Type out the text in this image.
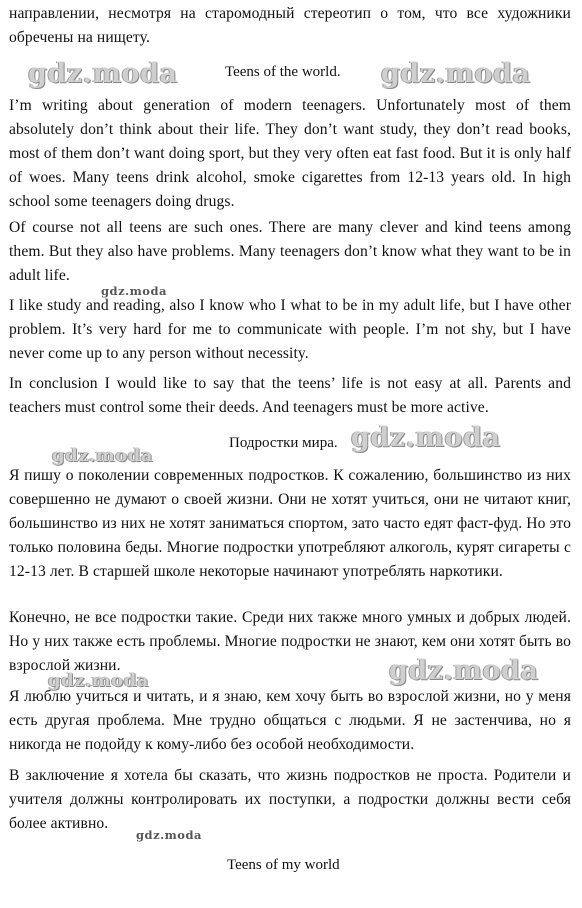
направлении, несмотря на старомодный стереотип о том, что все художники обречены на нищету.

gdz.moda	Teens of the world. gdz.moda

I’m writing about generation of modern teenagers. Unfortunately most of them absolutely don’t think about their life. They don’t want study, they don’t read books, most of them don’t want doing sport, but they very often eat fast food. But it is only half of woes. Many teens drink alcohol, smoke cigarettes from 12-13 years old. In high school some teenagers doing drugs.

Of course not all teens are such ones. There are many clever and kind teens among them. But they also have problems. Many teenagers don’t know what they want to be in adult life.

gdz.moda

I like study and reading, also I know who I what to be in my adult life, but I have other problem. It’s very hard for me to communicate with people. I’m not shy, but I have never come up to any person without necessity.

In conclusion I would like to say that the teens’ life is not easy at all. Parents and teachers must control some their deeds. And teenagers must be more active.

Подростки мира. gdz.moda
gdz.moda

Я пишу о поколении современных подростков. К сожалению, большинство из них совершенно не думают о своей жизни. Они не хотят учиться, они не читают книг, большинство из них не хотят заниматься спортом, зато часто едят фаст-фуд. Но это только половина беды. Многие подростки употребляют алкоголь, курят сигареты с 12-13 лет. В старшей школе некоторые начинают употреблять наркотики.

Конечно, не все подростки такие. Среди них также много умных и добрых людей. Но у них также есть проблемы. Многие подростки не знают, кем они хотят быть во взрослой жизни.	gdz.moda
gdz.moda

Я люблю учиться и читать, и я знаю, кем хочу быть во взрослой жизни, но у меня есть другая проблема. Мне трудно общаться с людьми. Я не застенчива, но я никогда не подойду к кому-либо без особой необходимости.

В заключение я хотела бы сказать, что жизнь подростков не проста. Родители и учителя должны контролировать их поступки, а подростки должны вести себя более активно.

gdz.moda
Teens of my world
